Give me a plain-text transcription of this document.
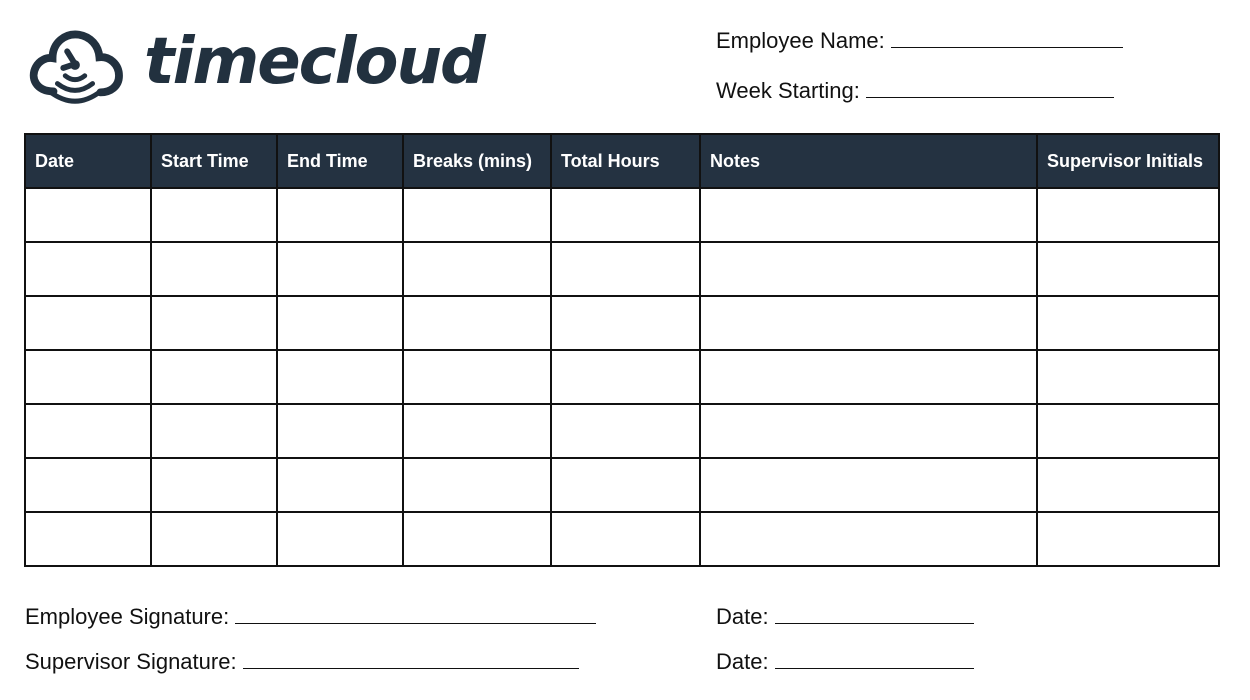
timecloud	Employee Name:
Week Starting:
Date	Start Time	End Time	Breaks (mins)	Total Hours	Notes	Supervisor Initials

Employee Signature:
Supervisor Signature:
Date:
Date:
